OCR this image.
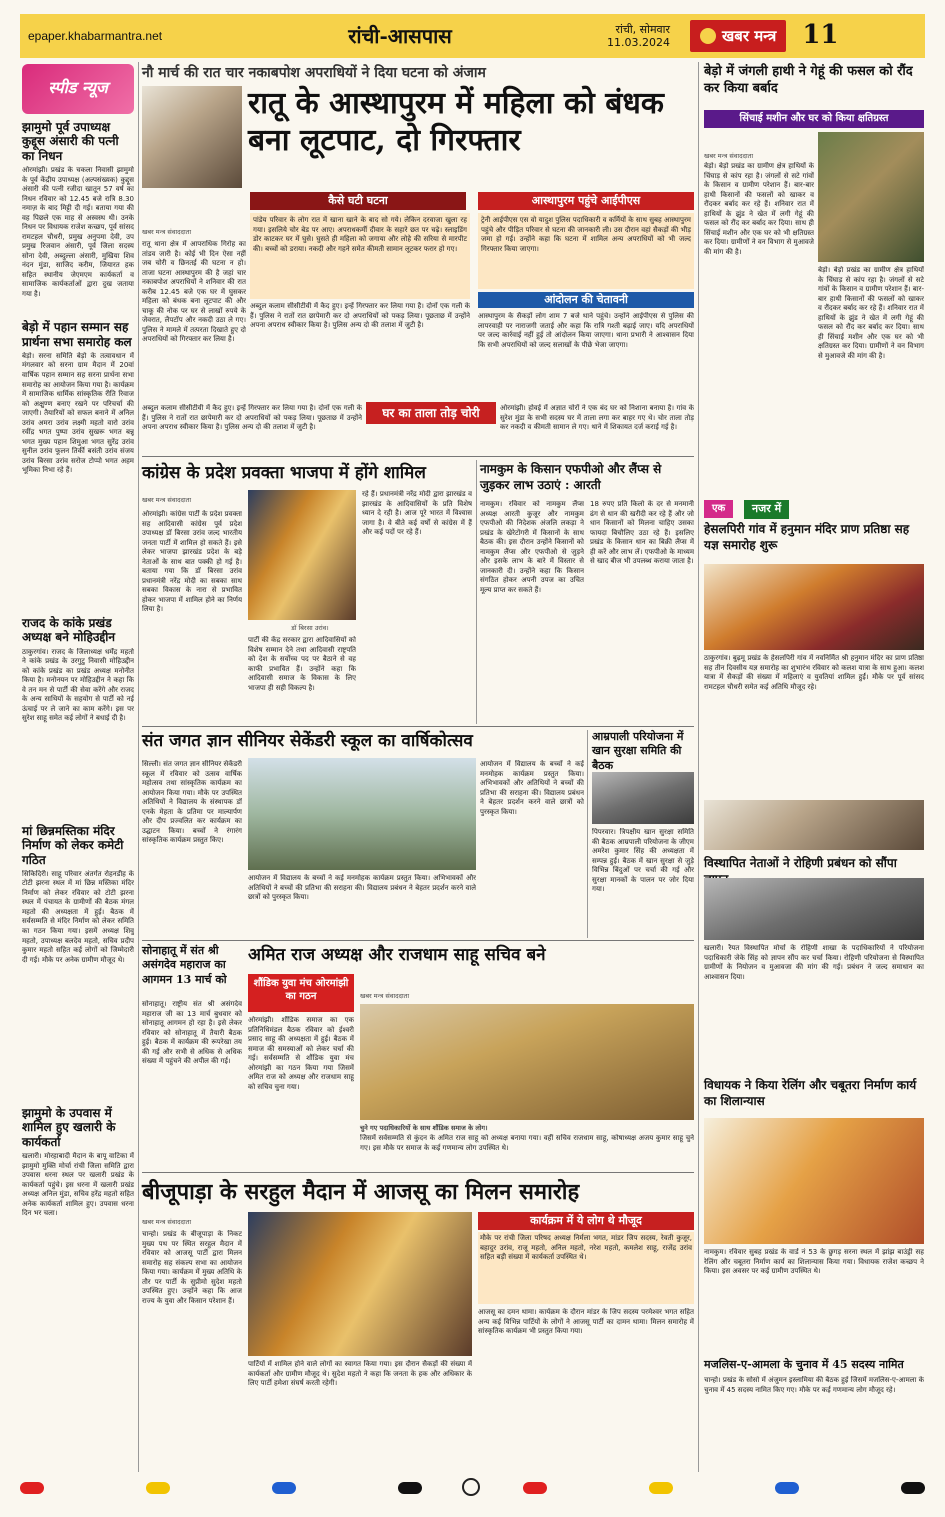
epaper.khabarmantra.net	रांची-आसपास	रांची, सोमवार
11.03.2024	खबर मन्त्र 11
स्पीड न्यूज
झामुमो पूर्व उपाध्यक्ष कुद्दूस अंसारी की पत्नी का निधन
ओरमांझी। प्रखंड के चकला निवासी झामुमो के पूर्व केंद्रीय उपाध्यक्ष (अल्पसंख्यक) कुद्दूस अंसारी की पत्नी रजीदा खातून 57 वर्ष का निधन रविवार को 12.45 बजे रात्रि 8.30 नमाज़ के बाद मिट्टी दी गई। बताया गया की वह पिछले एक माह से अस्वस्थ थी। उनके निधन पर विधायक राजेश कच्छप, पूर्व सांसद रामटहल चौधरी, प्रमुख अनुपमा देवी, उप प्रमुख रिजवान अंसारी, पूर्व जिला सदस्य सोना देवी, अब्दुल्ला अंसारी, मुखिया शिव नंदन मुंडा, साजिद करीम, जियारत हक सहित स्थानीय जेएमएम कार्यकर्ता व सामाजिक कार्यकर्ताओं द्वारा दुख जताया गया है।
बेड़ो में पहान सम्मान सह प्रार्थना सभा समारोह कल
बेड़ो। सरना समिति बेड़ो के तत्वावधान में मंगलवार को सरना ग्राम मैदान में 20वां वार्षिक पहान सम्मान सह सरना प्रार्थना सभा समारोह का आयोजन किया गया है। कार्यक्रम में सामाजिक धार्मिक सांस्कृतिक रीति रिवाज को अक्षुण्ण बनाए रखने पर परिचर्चा की जाएगी। तैयारियों को सफल बनाने में अनिल उरांव अमरा उरांव लक्ष्मी महतो वारो उरांव रवींद्र भगत पुष्पा उरांव सुखरू भगत बन्नू भगत मुख्य पहान शिमुआ भगत सुरेंद्र उरांव सुनील उरांव फूलन तिर्की बसंती उरांव संजय उरांव बिरसा उरांव सरोज टोप्पो भगत अहम भूमिका निभा रहे हैं।
राजद के कांके प्रखंड अध्यक्ष बने मोहिउद्दीन
ठाकुरगांव। राजद के जिलाध्यक्ष धर्मेंद्र महतो ने कांके प्रखंड के उरगुटु निवासी मोहिउद्दीन को कांके प्रखंड का प्रखंड अध्यक्ष मनोनीत किया है। मनोनयन पर मोहिउद्दीन ने कहा कि वे तन मन से पार्टी की सेवा करेंगे और राजद के अन्य साथियों के सहयोग से पार्टी को नई ऊंचाई पर ले जाने का काम करेंगे। इस पर सुरेश साहू समेत कई लोगों ने बधाई दी है।
मां छिन्नमस्तिका मंदिर निर्माण को लेकर कमेटी गठित
सिकिदिरी। साहू परिवार अंतर्गत रोहनडीह के टोटी झरना स्थल में मां छिन्न मस्तिका मंदिर निर्माण को लेकर रविवार को टोटी झरना स्थल में पंचायत के ग्रामीणों की बैठक मंगल महतो की अध्यक्षता में हुई। बैठक में सर्वसम्मति से मंदिर निर्माण को लेकर समिति का गठन किया गया। इसमें अध्यक्ष शिवु महतो, उपाध्यक्ष बलदेव महतो, सचिव प्रदीप कुमार महतो सहित कई लोगों को जिम्मेदारी दी गई। मौके पर अनेक ग्रामीण मौजूद थे।
झामुमो के उपवास में शामिल हुए खलारी के कार्यकर्ता
खलारी। मोरहाबादी मैदान के बापू वाटिका में झामुमो मुक्ति मोर्चा रांची जिला समिति द्वारा उपवास धरना स्थल पर खलारी प्रखंड के कार्यकर्ता पहुंचे। इस धरना में खलारी प्रखंड अध्यक्ष अनिल मुंडा, सचिव हरेंद्र महतो सहित अनेक कार्यकर्ता शामिल हुए। उपवास धरना दिन भर चला।
नौ मार्च की रात चार नकाबपोश अपराधियों ने दिया घटना को अंजाम
रातू के आस्थापुरम में महिला को बंधक बना लूटपाट, दो गिरफ्तार
कैसे घटी घटना	आस्थापुरम पहुंचे आईपीएस
पांडेय परिवार के लोग रात में खाना खाने के बाद सो गये। लेकिन दरवाजा खुला रह गया। इसलिये चोर बेड पर आए। अपराधकर्मी दीवार के सहारे छत पर चढ़े। स्लाइडिंग डोर काटकर घर में घुसे। घुसते ही महिला को जगाया और लोहे की सरिया से मारपीट की। बच्चों को डराया। नकदी और गहने समेत कीमती सामान लूटकर फरार हो गए।
ट्रेनी आईपीएस एस वो यादुश पुलिस पदाधिकारी व कर्मियों के साथ सुबह आस्थापुरम पहुंचे और पीड़ित परिवार से घटना की जानकारी ली। उस दौरान वहां सैकड़ों की भीड़ जमा हो गई। उन्होंने कहा कि घटना में शामिल अन्य अपराधियों को भी जल्द गिरफ्तार किया जाएगा।
खबर मन्त्र संवाददाता
रातू थाना क्षेत्र में आपराधिक गिरोह का तांडव जारी है। कोई भी दिन ऐसा नहीं जब चोरी व छिनतई की घटना न हो। ताजा घटना आस्थापुरम की है जहां चार नकाबपोश अपराधियों ने शनिवार की रात करीब 12.45 बजे एक घर में घुसकर महिला को बंधक बना लूटपाट की और चाकू की नोक पर घर से लाखों रुपये के जेवरात, लैपटॉप और नकदी उठा ले गए। पुलिस ने मामले में तत्परता दिखाते हुए दो अपराधियों को गिरफ्तार कर लिया है।
अब्दुल कलाम सीसीटीवी में कैद हुए। इन्हें गिरफ्तार कर लिया गया है। दोनों एक गली के हैं। पुलिस ने रातों रात छापेमारी कर दो अपराधियों को पकड़ लिया। पूछताछ में उन्होंने अपना अपराध स्वीकार किया है। पुलिस अन्य दो की तलाश में जुटी है।
आंदोलन की चेतावनी
आस्थापुरम के सैकड़ों लोग शाम 7 बजे थाने पहुंचे। उन्होंने आईपीएस से पुलिस की लापरवाही पर नाराजगी जताई और कहा कि रात्रि गश्ती बढ़ाई जाए। यदि अपराधियों पर जल्द कार्रवाई नहीं हुई तो आंदोलन किया जाएगा। थाना प्रभारी ने आश्वासन दिया कि सभी अपराधियों को जल्द सलाखों के पीछे भेजा जाएगा।
घर का ताला तोड़ चोरी	ओरमांझी। होवई में अज्ञात चोरों ने एक बंद घर को निशाना बनाया है। गांव के सुरेश मुंडा के सभी सदस्य घर में ताला लगा कर बाहर गए थे। चोर ताला तोड़ कर नकदी व कीमती सामान ले गए। थाने में शिकायत दर्ज कराई गई है।
अब्दुल कलाम सीसीटीवी में कैद हुए। इन्हें गिरफ्तार कर लिया गया है। दोनों एक गली के हैं। पुलिस ने रातों रात छापेमारी कर दो अपराधियों को पकड़ लिया। पूछताछ में उन्होंने अपना अपराध स्वीकार किया है। पुलिस अन्य दो की तलाश में जुटी है।
बेड़ो में जंगली हाथी ने गेहूं की फसल को रौंद कर किया बर्बाद
सिंचाई मशीन और घर को किया क्षतिग्रस्त
खबर मन्त्र संवाददाता
बेड़ो। बेड़ो प्रखंड का ग्रामीण क्षेत्र हाथियों के चिंघाड़ से कांप रहा है। जंगलों से सटे गांवों के किसान व ग्रामीण परेशान हैं। बार-बार हाथी किसानों की फसलों को खाकर व रौंदकर बर्बाद कर रहे हैं। शनिवार रात में हाथियों के झुंड ने खेत में लगी गेहूं की फसल को रौंद कर बर्बाद कर दिया। साथ ही सिंचाई मशीन और एक घर को भी क्षतिग्रस्त कर दिया। ग्रामीणों ने वन विभाग से मुआवजे की मांग की है।
बेड़ो। बेड़ो प्रखंड का ग्रामीण क्षेत्र हाथियों के चिंघाड़ से कांप रहा है। जंगलों से सटे गांवों के किसान व ग्रामीण परेशान हैं। बार-बार हाथी किसानों की फसलों को खाकर व रौंदकर बर्बाद कर रहे हैं। शनिवार रात में हाथियों के झुंड ने खेत में लगी गेहूं की फसल को रौंद कर बर्बाद कर दिया। साथ ही सिंचाई मशीन और एक घर को भी क्षतिग्रस्त कर दिया। ग्रामीणों ने वन विभाग से मुआवजे की मांग की है।
एक	नजर में
हेसलपिरी गांव में हनुमान मंदिर प्राण प्रतिष्ठा सह यज्ञ समारोह शुरू
ठाकुरगांव। बुढ़मू प्रखंड के हेसलपिरी गांव में नवनिर्मित श्री हनुमान मंदिर का प्राण प्रतिष्ठा सह तीन दिवसीय यज्ञ समारोह का शुभारंभ रविवार को कलश यात्रा के साथ हुआ। कलश यात्रा में सैकड़ों की संख्या में महिलाएं व युवतियां शामिल हुईं। मौके पर पूर्व सांसद रामटहल चौधरी समेत कई अतिथि मौजूद रहे।
विस्थापित नेताओं ने रोहिणी प्रबंधन को सौंपा
खलारी। रैयत विस्थापित मोर्चा के रोहिणी शाखा के पदाधिकारियों ने परियोजना पदाधिकारी जेके सिंह को ज्ञापन सौंप कर चर्चा किया। रोहिणी परियोजना से विस्थापित ग्रामीणों के नियोजन व मुआवजा की मांग की गई। प्रबंधन ने जल्द समाधान का आश्वासन दिया।
विधायक ने किया रेलिंग और चबूतरा निर्माण कार्य का शिलान्यास
नामकुम। रविवार सुबह प्रखंड के वार्ड नं 53 के छुगड़ सरना स्थल में झांझ बाउंड्री सह रेलिंग और चबूतरा निर्माण कार्य का शिलान्यास किया गया। विधायक राजेश कच्छप ने किया। इस अवसर पर कई ग्रामीण उपस्थित थे।
मजलिस-ए-आमला के चुनाव में 45 सदस्य नामित
चान्हो। प्रखंड के सोसो में अंजुमन इस्लामिया की बैठक हुई जिसमें मजलिस-ए-आमला के चुनाव में 45 सदस्य नामित किए गए। मौके पर कई गणमान्य लोग मौजूद रहे।
कांग्रेस के प्रदेश प्रवक्ता भाजपा में होंगे शामिल
खबर मन्त्र संवाददाता
ओरमांझी। कांग्रेस पार्टी के प्रदेश प्रवक्ता सह आदिवासी कांग्रेस पूर्व प्रदेश उपाध्यक्ष डॉ बिरसा उरांव जल्द भारतीय जनता पार्टी में शामिल हो सकते हैं। इसे लेकर भाजपा झारखंड प्रदेश के बड़े नेताओं के साथ बात पक्की हो गई है। बताया गया कि डॉ बिरसा उरांव प्रधानमंत्री नरेंद्र मोदी का सबका साथ सबका विकास के नारा से प्रभावित होकर भाजपा में शामिल होने का निर्णय लिया है।
डॉ बिरसा उरांव।
पार्टी की केंद्र सरकार द्वारा आदिवासियों को विशेष सम्मान देने तथा आदिवासी राष्ट्रपति को देश के सर्वोच्च पद पर बैठाने से वह काफी प्रभावित हैं। उन्होंने कहा कि आदिवासी समाज के विकास के लिए भाजपा ही सही विकल्प है।
रहे हैं। प्रधानमंत्री नरेंद्र मोदी द्वारा झारखंड व झारखंड के आदिवासियों के प्रति विशेष ध्यान दे रही है। आज पूरे भारत में विश्वास जागा है। वे बीते कई वर्षों से कांग्रेस में हैं और कई पदों पर रहे हैं।
नामकुम के किसान एफपीओ और लैंप्स से जुड़कर लाभ उठाएं : आरती
नामकुम। रविवार को नामकुम लैंप्स अध्यक्ष आरती कुजूर और नामकुम एफपीओ की निदेशक अंजलि लकड़ा ने प्रखंड के खेरेटोंगरी में किसानों के साथ बैठक की। इस दौरान उन्होंने किसानों को नामकुम लैंप्स और एफपीओ से जुड़ने और इसके लाभ के बारे में विस्तार से जानकारी दी। उन्होंने कहा कि किसान संगठित होकर अपनी उपज का उचित मूल्य प्राप्त कर सकते हैं।
18 रुपए प्रति किलो के दर से मनमानी ढंग से धान की खरीदी कर रहे हैं और जो धान किसानों को मिलना चाहिए उसका फायदा बिचौलिए उठा रहे हैं। इसलिए प्रखंड के किसान धान का बिक्री लैंप्स में ही करें और लाभ लें। एफपीओ के माध्यम से खाद बीज भी उपलब्ध कराया जाता है।
संत जगत ज्ञान सीनियर सेकेंडरी स्कूल का वार्षिकोत्सव
सिल्ली। संत जगत ज्ञान सीनियर सेकेंडरी स्कूल में रविवार को उत्सव वार्षिक महोत्सव तथा सांस्कृतिक कार्यक्रम का आयोजन किया गया। मौके पर उपस्थित अतिथियों ने विद्यालय के संस्थापक डॉ एनके मेहता के प्रतिमा पर माल्यार्पण और दीप प्रज्वलित कर कार्यक्रम का उद्घाटन किया। बच्चों ने रंगारंग सांस्कृतिक कार्यक्रम प्रस्तुत किए।
आयोजन में विद्यालय के बच्चों ने कई मनमोहक कार्यक्रम प्रस्तुत किया। अभिभावकों और अतिथियों ने बच्चों की प्रतिभा की सराहना की। विद्यालय प्रबंधन ने बेहतर प्रदर्शन करने वाले छात्रों को पुरस्कृत किया।
आयोजन में विद्यालय के बच्चों ने कई मनमोहक कार्यक्रम प्रस्तुत किया। अभिभावकों और अतिथियों ने बच्चों की प्रतिभा की सराहना की। विद्यालय प्रबंधन ने बेहतर प्रदर्शन करने वाले छात्रों को पुरस्कृत किया।
आम्रपाली परियोजना में खान सुरक्षा समिति की बैठक
पिपरवार। त्रिपक्षीय खान सुरक्षा समिति की बैठक आम्रपाली परियोजना के जीएम अमरेश कुमार सिंह की अध्यक्षता में सम्पन्न हुई। बैठक में खान सुरक्षा से जुड़े विभिन्न बिंदुओं पर चर्चा की गई और सुरक्षा मानकों के पालन पर जोर दिया गया।
सोनाहातू में संत श्री असंगदेव महाराज का आगमन 13 मार्च को
सोनाहातू। राष्ट्रीय संत श्री असंगदेव महाराज जी का 13 मार्च बुधवार को सोनाहातू आगमन हो रहा है। इसे लेकर रविवार को सोनाहातू में तैयारी बैठक हुई। बैठक में कार्यक्रम की रूपरेखा तय की गई और सभी से अधिक से अधिक संख्या में पहुंचने की अपील की गई।
अमित राज अध्यक्ष और राजधाम साहू सचिव बने
शौंडिक युवा मंच ओरमांझी का गठन	खबर मन्त्र संवाददाता
ओरमांझी। शौंडिक समाज का एक प्रतिनिधिमंडल बैठक रविवार को ईश्वरी प्रसाद साहू की अध्यक्षता में हुई। बैठक में समाज की समस्याओं को लेकर चर्चा की गई। सर्वसम्मति से शौंडिक युवा मंच ओरमांझी का गठन किया गया जिसमें अमित राज को अध्यक्ष और राजधाम साहू को सचिव चुना गया।
चुने गए पदाधिकारियों के साथ शौंडिक समाज के लोग।
जिसमें सर्वसम्मति से कुंदन के अमित राज साहू को अध्यक्ष बनाया गया। वहीं सचिव राजधाम साहू, कोषाध्यक्ष अजय कुमार साहू चुने गए। इस मौके पर समाज के कई गणमान्य लोग उपस्थित थे।
बीजूपाड़ा के सरहुल मैदान में आजसू का मिलन समारोह
खबर मन्त्र संवाददाता
चान्हो। प्रखंड के बीजूपाड़ा के निकट मुख्य पथ पर स्थित सरहुल मैदान में रविवार को आजसू पार्टी द्वारा मिलन समारोह सह संकल्प सभा का आयोजन किया गया। कार्यक्रम में मुख्य अतिथि के तौर पर पार्टी के सुप्रीमो सुदेश महतो उपस्थित हुए। उन्होंने कहा कि आज राज्य के युवा और किसान परेशान हैं।
पार्टियों में शामिल होने वाले लोगों का स्वागत किया गया। इस दौरान सैकड़ों की संख्या में कार्यकर्ता और ग्रामीण मौजूद थे। सुदेश महतो ने कहा कि जनता के हक और अधिकार के लिए पार्टी हमेशा संघर्ष करती रहेगी।
कार्यक्रम में ये लोग थे मौजूद
मौके पर रांची जिला परिषद अध्यक्ष निर्मला भगत, मांडर जिप सदस्य, रेवती कुजूर, बहादुर उरांव, राजू महतो, अनिल महतो, नरेश महतो, कमलेश साहू, राजेंद्र उरांव सहित बड़ी संख्या में कार्यकर्ता उपस्थित थे।
आजसू का दमन थामा। कार्यक्रम के दौरान मांडर के जिप सदस्य परमेश्वर भगत सहित अन्य कई विभिन्न पार्टियों के लोगों ने आजसू पार्टी का दामन थामा। मिलन समारोह में सांस्कृतिक कार्यक्रम भी प्रस्तुत किया गया।
